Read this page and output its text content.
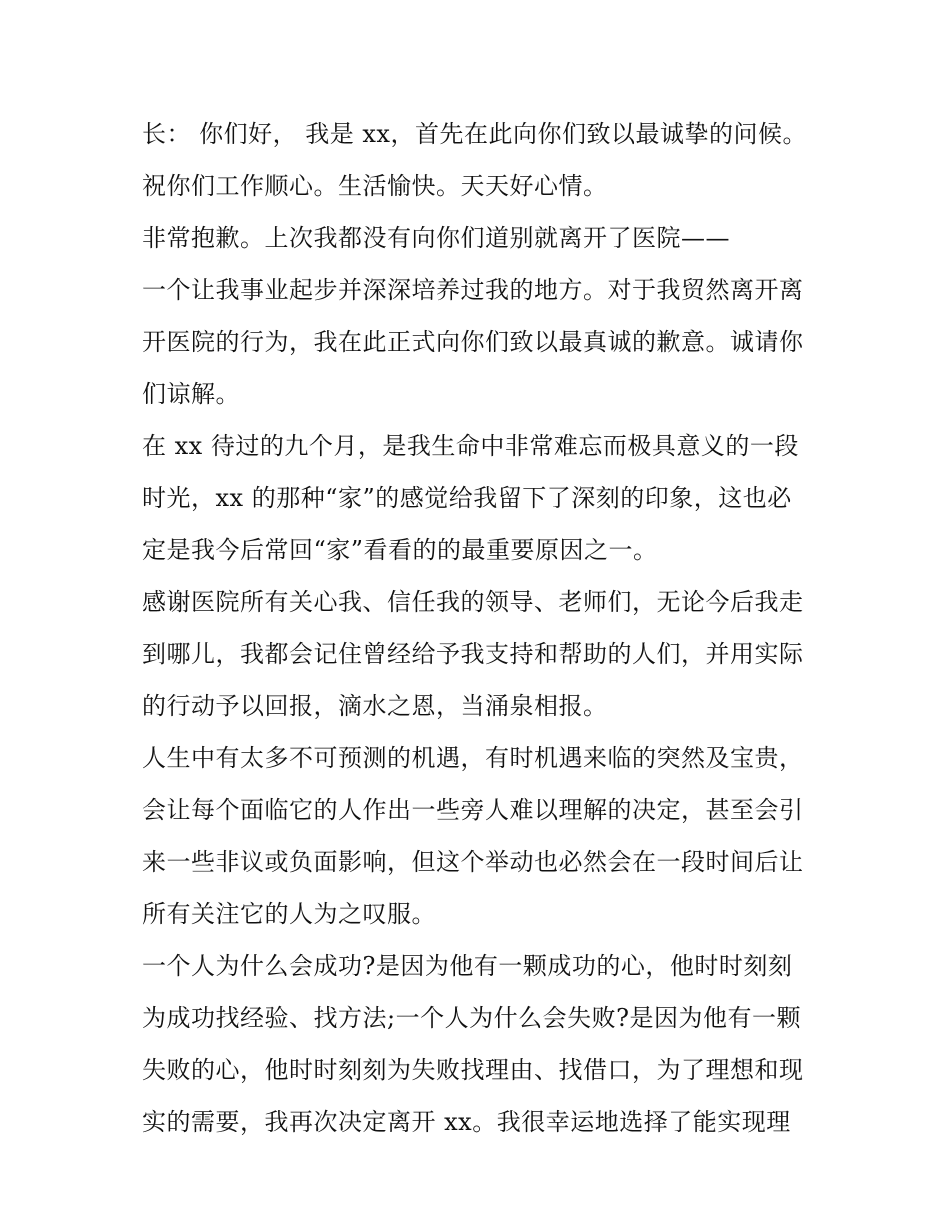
长： 你们好， 我是 xx，首先在此向你们致以最诚挚的问候。
祝你们工作顺心。生活愉快。天天好心情。
非常抱歉。上次我都没有向你们道别就离开了医院——
一个让我事业起步并深深培养过我的地方。对于我贸然离开离
开医院的行为，我在此正式向你们致以最真诚的歉意。诚请你
们谅解。
在 xx 待过的九个月，是我生命中非常难忘而极具意义的一段
时光，xx 的那种“家”的感觉给我留下了深刻的印象，这也必
定是我今后常回“家”看看的的最重要原因之一。
感谢医院所有关心我、信任我的领导、老师们，无论今后我走
到哪儿，我都会记住曾经给予我支持和帮助的人们，并用实际
的行动予以回报，滴水之恩，当涌泉相报。
人生中有太多不可预测的机遇，有时机遇来临的突然及宝贵，
会让每个面临它的人作出一些旁人难以理解的决定，甚至会引
来一些非议或负面影响，但这个举动也必然会在一段时间后让
所有关注它的人为之叹服。
一个人为什么会成功?是因为他有一颗成功的心，他时时刻刻
为成功找经验、找方法;一个人为什么会失败?是因为他有一颗
失败的心，他时时刻刻为失败找理由、找借口，为了理想和现
实的需要，我再次决定离开 xx。我很幸运地选择了能实现理
